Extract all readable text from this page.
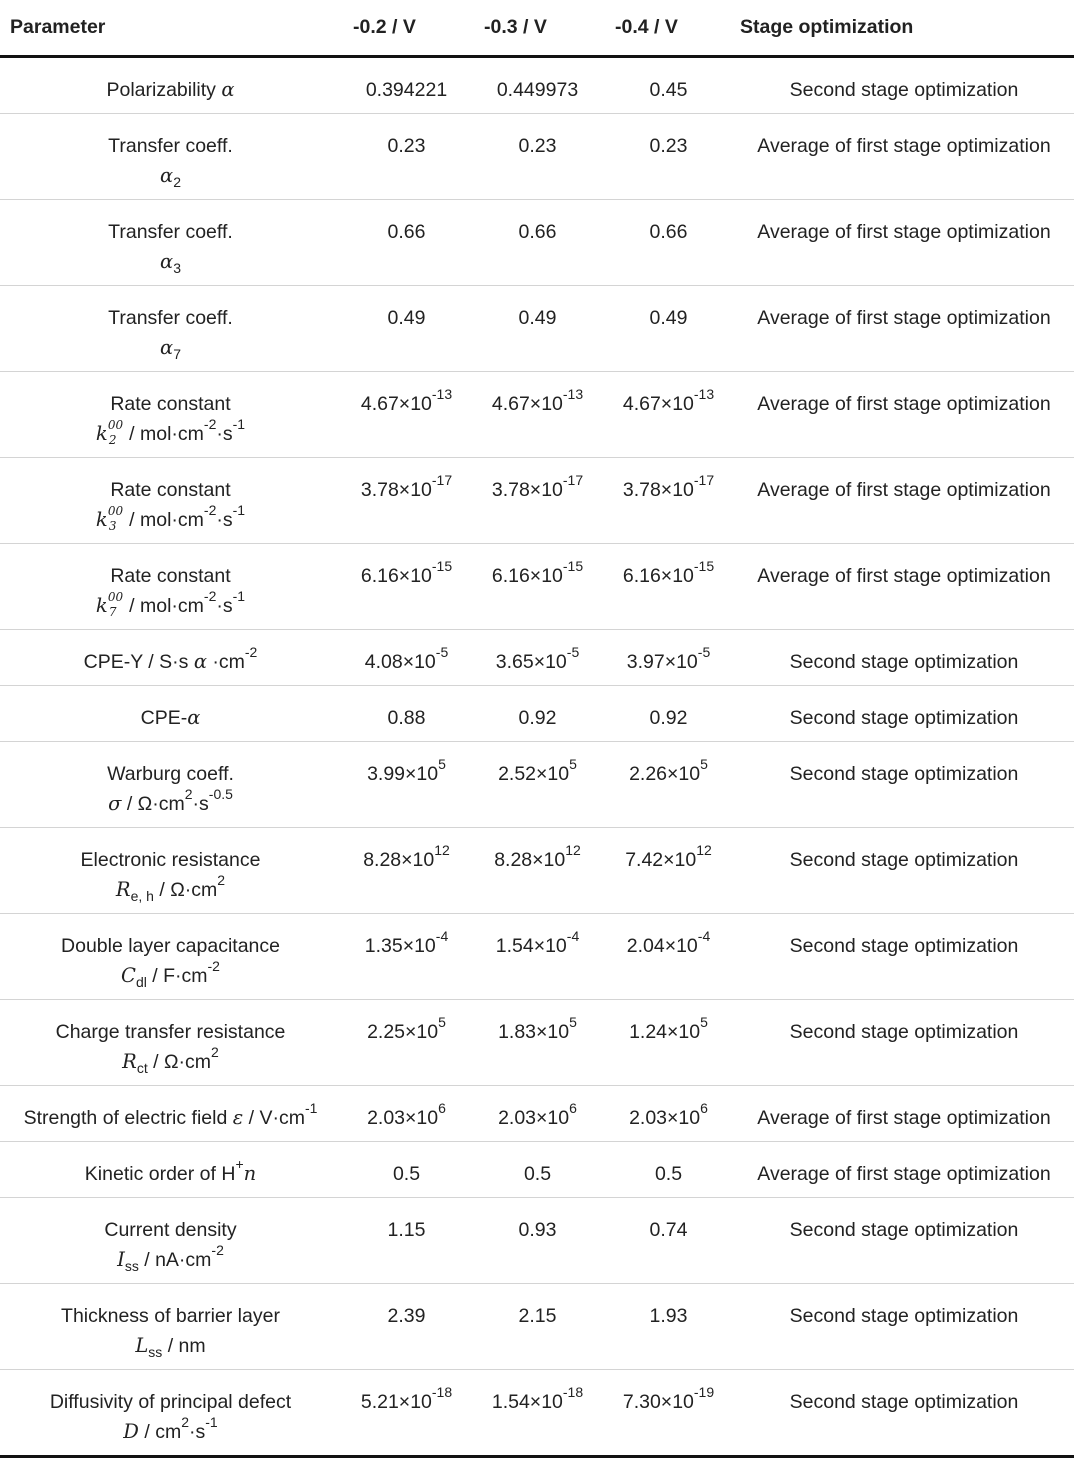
Parameter	-0.2 / V	-0.3 / V	-0.4 / V	Stage optimization
Polarizability α	0.394221	0.449973	0.45	Second stage optimization
Transfer coeff.
$\alpha_2$	0.23	0.23	0.23	Average of first stage optimization
Transfer coeff.
$\alpha_3$	0.66	0.66	0.66	Average of first stage optimization
Transfer coeff.
$\alpha_7$	0.49	0.49	0.49	Average of first stage optimization
Rate constant
k 00
$2 / mol\cdot cm^{-2}\cdot s^{-1}$	$4.67\times 10^{-13}$	$4.67\times 10^{-13}$	$4.67\times 10^{-13}$	Average of first stage optimization
Rate constant
k 00
$3 / mol\cdot cm^{-2}\cdot s^{-1}$	$3.78\times 10^{-17}$	$3.78\times 10^{-17}$	$3.78\times 10^{-17}$	Average of first stage optimization
Rate constant
k 00
$7 / mol\cdot cm^{-2}\cdot s^{-1}$	$6.16\times 10^{-15}$	$6.16\times 10^{-15}$	$6.16\times 10^{-15}$	Average of first stage optimization
CPE-Y / S·s $\alpha \cdot cm^{-2}$	$4.08\times 10^{-5}$	$3.65\times 10^{-5}$	$3.97\times 10^{-5}$	Second stage optimization
CPE-α	0.88	0.92	0.92	Second stage optimization
Warburg coeff.
$\sigma / \Omega\cdot cm^2\cdot s^{-0.5}$	$3.99\times 10^5$	$2.52\times 10^5$	$2.26\times 10^5$	Second stage optimization
Electronic resistance
$R_{e, h} / \Omega\cdot cm^2$	$8.28\times 10^{12}$	$8.28\times 10^{12}$	$7.42\times 10^{12}$	Second stage optimization
Double layer capacitance
$C_{dl} / F\cdot cm^{-2}$	$1.35\times 10^{-4}$	$1.54\times 10^{-4}$	$2.04\times 10^{-4}$	Second stage optimization
Charge transfer resistance
$R_{ct} / \Omega\cdot cm^2$	$2.25\times 10^5$	$1.83\times 10^5$	$1.24\times 10^5$	Second stage optimization
Strength of electric field $\varepsilon / V\cdot cm^{-1}$	$2.03\times 10^6$	$2.03\times 10^6$	$2.03\times 10^6$	Average of first stage optimization
Kinetic order of H+n	0.5	0.5	0.5	Average of first stage optimization
Current density
$I_{ss} / nA\cdot cm^{-2}$	1.15	0.93	0.74	Second stage optimization
Thickness of barrier layer
$L_{ss}$ / nm	2.39	2.15	1.93	Second stage optimization
Diffusivity of principal defect
$D / cm^2\cdot s^{-1}$	$5.21\times 10^{-18}$	$1.54\times 10^{-18}$	$7.30\times 10^{-19}$	Second stage optimization
